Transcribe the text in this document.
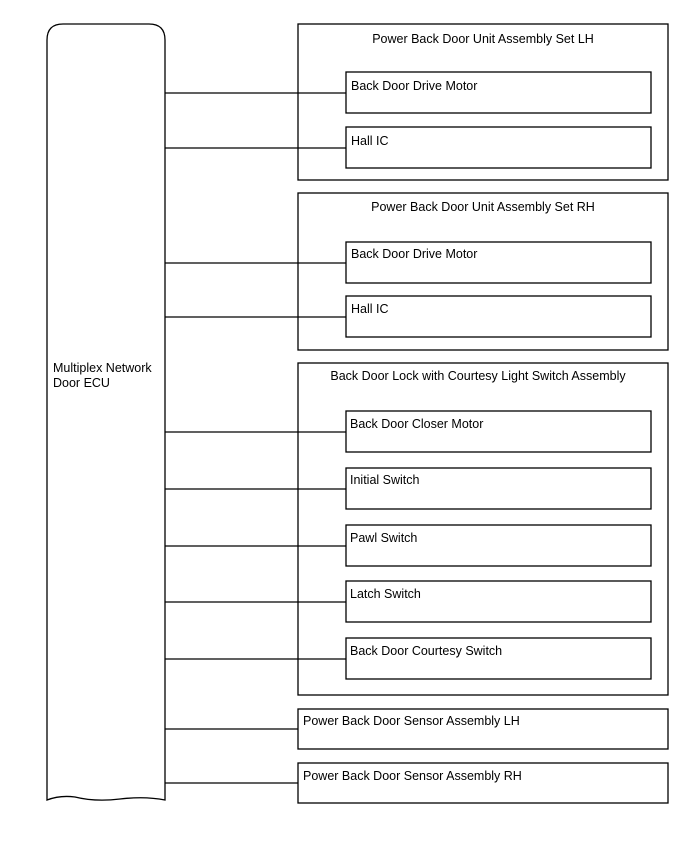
Multiplex Network
Door ECU
Power Back Door Unit Assembly Set LH
Back Door Drive Motor
Hall IC
Power Back Door Unit Assembly Set RH
Back Door Drive Motor
Hall IC
Back Door Lock with Courtesy Light Switch Assembly
Back Door Closer Motor
Initial Switch
Pawl Switch
Latch Switch
Back Door Courtesy Switch
Power Back Door Sensor Assembly LH
Power Back Door Sensor Assembly RH
